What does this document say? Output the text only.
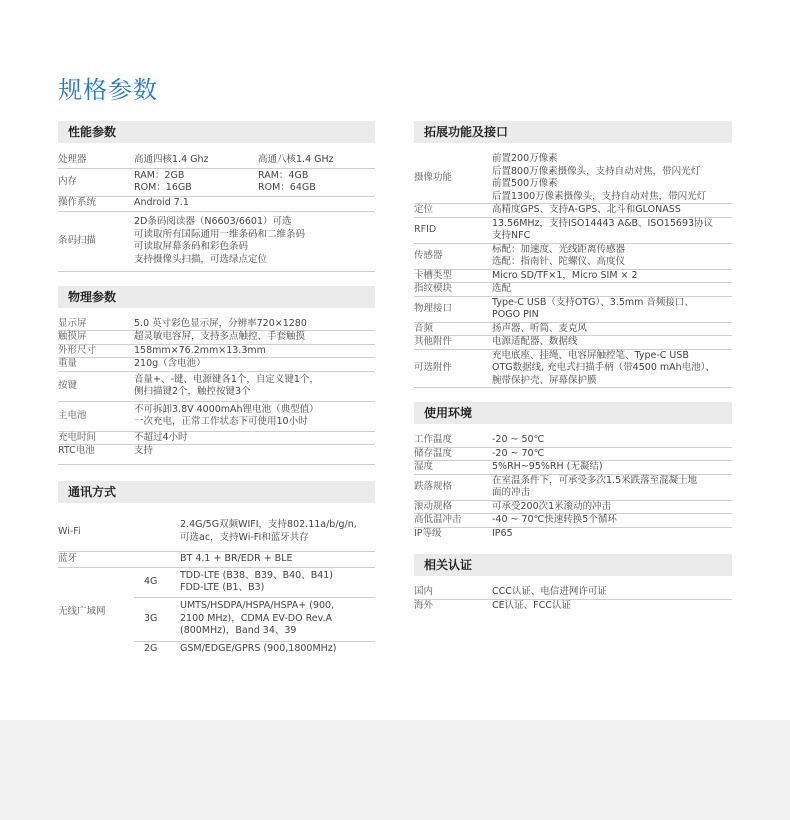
规格参数
性能参数
处理器	高通四核1.4 Ghz 高通八核1.4 GHz

内存	RAM：2GB RAM：4GB
ROM：16GB ROM：64GB

操作系统	Android 7.1
条码扫描	2D条码阅读器（N6603/6601）可选
可读取所有国际通用一维条码和二维条码
可读取屏幕条码和彩色条码
支持摄像头扫描，可选绿点定位
物理参数
显示屏	5.0 英寸彩色显示屏，分辨率720×1280

触摸屏	超灵敏电容屏，支持多点触控、手套触摸

外形尺寸	158mm×76.2mm×13.3mm

重量	210g（含电池）

按键	音量+、-键、电源键各1个，自定义键1个，
侧扫描键2个，触控按键3个

主电池	不可拆卸3.8V 4000mAh锂电池（典型值）
一次充电，正常工作状态下可使用10小时

充电时间	不超过4小时

RTC电池	支持
通讯方式
Wi-Fi		2.4G/5G双频WIFI，支持802.11a/b/g/n,
可选ac，支持Wi-Fi和蓝牙共存

蓝牙		BT 4.1 + BR/EDR + BLE
无线广域网	4G	TDD-LTE (B38、B39、B40、B41)
FDD-LTE (B1、B3)

	3G	UMTS/HSDPA/HSPA/HSPA+ (900,
2100 MHz)，CDMA EV-DO Rev.A
(800MHz)，Band 34、39

	2G	GSM/EDGE/GPRS (900,1800MHz)
拓展功能及接口
摄像功能	前置200万像素
后置800万像素摄像头，支持自动对焦，带闪光灯
前置500万像素
后置1300万像素摄像头，支持自动对焦，带闪光灯

定位	高精度GPS、支持A-GPS、北斗和GLONASS

RFID	13.56MHz，支持ISO14443 A&B、ISO15693协议
支持NFC

传感器	标配：加速度、光线距离传感器
选配：指南针、陀螺仪、高度仪

卡槽类型	Micro SD/TF×1，Micro SIM × 2

指纹模块	选配

物理接口	Type-C USB（支持OTG）、3.5mm 音频接口、
POGO PIN

音频	扬声器、听筒、麦克风

其他附件	电源适配器、数据线

可选附件	充电底座、挂绳、电容屏触控笔、Type-C USB
OTG数据线, 充电式扫描手柄（带4500 mAh电池）、
腕带保护壳、屏幕保护膜
使用环境
工作温度	-20 ~ 50℃

储存温度	-20 ~ 70℃

湿度	5%RH~95%RH (无凝结)

跌落规格	在室温条件下，可承受多次1.5米跌落至混凝土地
面的冲击

滚动规格	可承受200次1米滚动的冲击

高低温冲击	-40 ~ 70℃快速转换5个循环

IP等级	IP65
相关认证
国内	CCC认证、电信进网许可证

海外	CE认证、FCC认证
